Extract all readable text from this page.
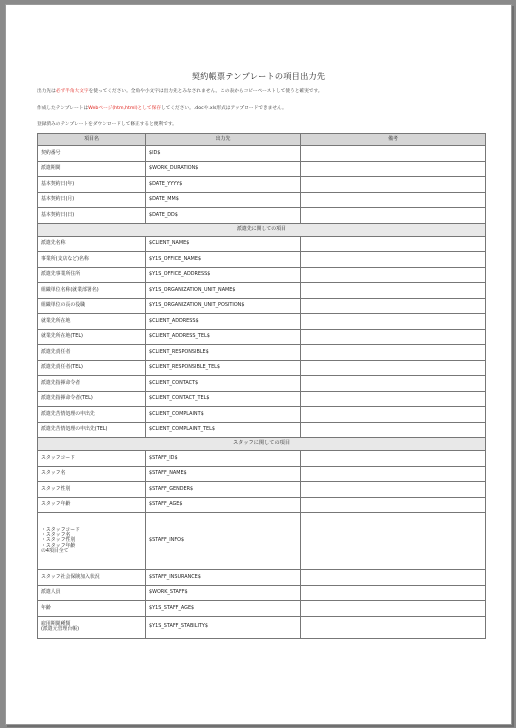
契約帳票テンプレートの項目出力先
出力先は必ず半角大文字を使ってください。全角や小文字は出力先とみなされません。この表からコピーペーストして使うと確実です。
作成したテンプレートはWebページ(htm,html)として保存してください。.docや.xls形式はアップロードできません。
登録済みのテンプレートをダウンロードして修正すると便利です。
項目名	出力先	備考
契約番号	$ID$	
派遣期間	$WORK_DURATION$	
基本契約日(年)	$DATE_YYYY$	
基本契約日(月)	$DATE_MM$	
基本契約日(日)	$DATE_DD$	
派遣先に関しての項目		
派遣先名称	$CLIENT_NAME$	
事業所(支店など)名称	$Y1S_OFFICE_NAME$	
派遣先事業所住所	$Y1S_OFFICE_ADDRESS$	
組織単位名称(就業部署名)	$Y1S_ORGANIZATION_UNIT_NAME$	
組織単位の長の役職	$Y1S_ORGANIZATION_UNIT_POSITION$	
就業先所在地	$CLIENT_ADDRESS$	
就業先所在地(TEL)	$CLIENT_ADDRESS_TEL$	
派遣先責任者	$CLIENT_RESPONSIBLE$	
派遣先責任者(TEL)	$CLIENT_RESPONSIBLE_TEL$	
派遣先指揮命令者	$CLIENT_CONTACT$	
派遣先指揮命令者(TEL)	$CLIENT_CONTACT_TEL$	
派遣先苦情処理の申出先	$CLIENT_COMPLAINT$	
派遣先苦情処理の申出先(TEL)	$CLIENT_COMPLAINT_TEL$	
スタッフに関しての項目		
スタッフコード	$STAFF_ID$	
スタッフ名	$STAFF_NAME$	
スタッフ性別	$STAFF_GENDER$	
スタッフ年齢	$STAFF_AGE$	

・スタッフコード
・スタッフ名
・スタッフ性別
・スタッフ年齢
の4項目全て	$STAFF_INFO$	
スタッフ社会保険加入状況	$STAFF_INSURANCE$	
派遣人員	$WORK_STAFF$	
年齢	$Y1S_STAFF_AGE$	

雇用期間種類
(派遣元管理台帳)	$Y1S_STAFF_STABILITY$	
